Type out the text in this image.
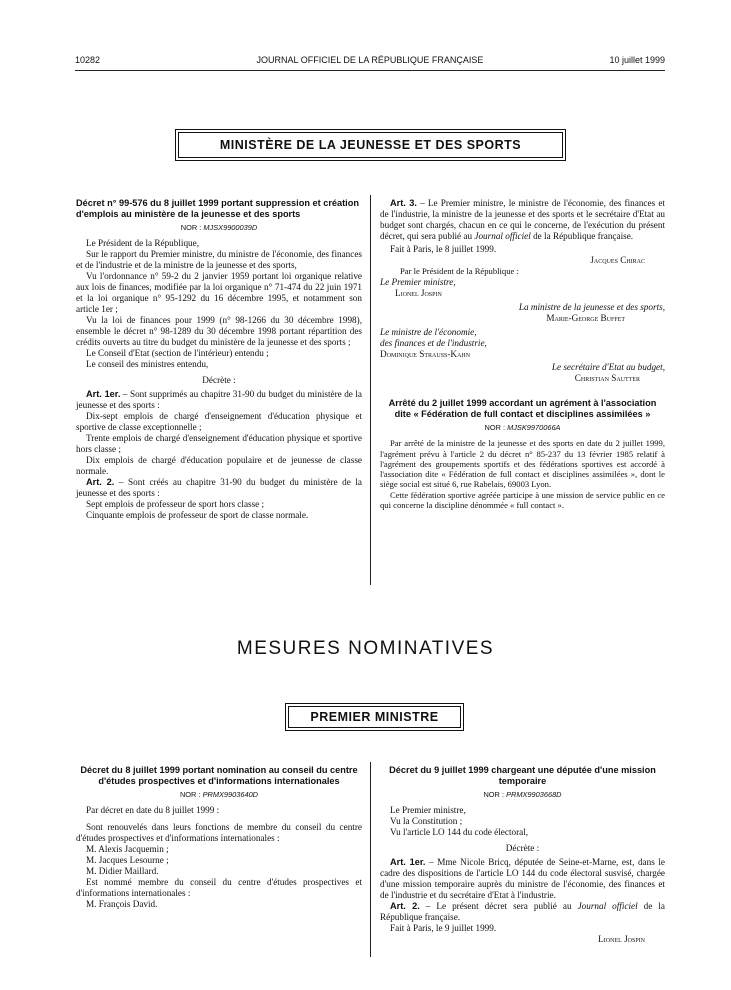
10282	JOURNAL OFFICIEL DE LA RÉPUBLIQUE FRANÇAISE	10 juillet 1999
MINISTÈRE DE LA JEUNESSE ET DES SPORTS
Décret n° 99-576 du 8 juillet 1999 portant suppression et création d'emplois au ministère de la jeunesse et des sports
NOR : MJSX9900039D

Le Président de la République,

Sur le rapport du Premier ministre, du ministre de l'économie, des finances et de l'industrie et de la ministre de la jeunesse et des sports,

Vu l'ordonnance n° 59-2 du 2 janvier 1959 portant loi organique relative aux lois de finances, modifiée par la loi organique n° 71-474 du 22 juin 1971 et la loi organique n° 95-1292 du 16 décembre 1995, et notamment son article 1er ;

Vu la loi de finances pour 1999 (n° 98-1266 du 30 décembre 1998), ensemble le décret n° 98-1289 du 30 décembre 1998 portant répartition des crédits ouverts au titre du budget du ministère de la jeunesse et des sports ;

Le Conseil d'Etat (section de l'intérieur) entendu ;

Le conseil des ministres entendu,

Décrète :

Art. 1er. – Sont supprimés au chapitre 31-90 du budget du ministère de la jeunesse et des sports :

Dix-sept emplois de chargé d'enseignement d'éducation physique et sportive de classe exceptionnelle ;

Trente emplois de chargé d'enseignement d'éducation physique et sportive hors classe ;

Dix emplois de chargé d'éducation populaire et de jeunesse de classe normale.

Art. 2. – Sont créés au chapitre 31-90 du budget du ministère de la jeunesse et des sports :

Sept emplois de professeur de sport hors classe ;

Cinquante emplois de professeur de sport de classe normale.

Art. 3. – Le Premier ministre, le ministre de l'économie, des finances et de l'industrie, la ministre de la jeunesse et des sports et le secrétaire d'Etat au budget sont chargés, chacun en ce qui le concerne, de l'exécution du présent décret, qui sera publié au Journal officiel de la République française.

Fait à Paris, le 8 juillet 1999.

Jacques Chirac
Par le Président de la République :
Le Premier ministre,
Lionel Jospin
La ministre de la jeunesse et des sports,
Marie-George Buffet
Le ministre de l'économie,
des finances et de l'industrie,
Dominique Strauss-Kahn
Le secrétaire d'Etat au budget,
Christian Sautter
Arrêté du 2 juillet 1999 accordant un agrément à l'association dite « Fédération de full contact et disciplines assimilées »
NOR : MJSK9970066A

Par arrêté de la ministre de la jeunesse et des sports en date du 2 juillet 1999, l'agrément prévu à l'article 2 du décret n° 85-237 du 13 février 1985 relatif à l'agrément des groupements sportifs et des fédérations sportives est accordé à l'association dite « Fédération de full contact et disciplines assimilées », dont le siège social est situé 6, rue Rabelais, 69003 Lyon.

Cette fédération sportive agréée participe à une mission de service public en ce qui concerne la discipline dénommée « full contact ».

MESURES NOMINATIVES
PREMIER MINISTRE
Décret du 8 juillet 1999 portant nomination au conseil du centre d'études prospectives et d'informations internationales
NOR : PRMX9903640D

Par décret en date du 8 juillet 1999 :

Sont renouvelés dans leurs fonctions de membre du conseil du centre d'études prospectives et d'informations internationales :

M. Alexis Jacquemin ;

M. Jacques Lesourne ;

M. Didier Maillard.

Est nommé membre du conseil du centre d'études prospectives et d'informations internationales :

M. François David.

Décret du 9 juillet 1999 chargeant une députée d'une mission temporaire
NOR : PRMX9903668D

Le Premier ministre,

Vu la Constitution ;

Vu l'article LO 144 du code électoral,

Décrète :

Art. 1er. – Mme Nicole Bricq, députée de Seine-et-Marne, est, dans le cadre des dispositions de l'article LO 144 du code électoral susvisé, chargée d'une mission temporaire auprès du ministre de l'économie, des finances et de l'industrie et du secrétaire d'Etat à l'industrie.

Art. 2. – Le présent décret sera publié au Journal officiel de la République française.

Fait à Paris, le 9 juillet 1999.

Lionel Jospin
